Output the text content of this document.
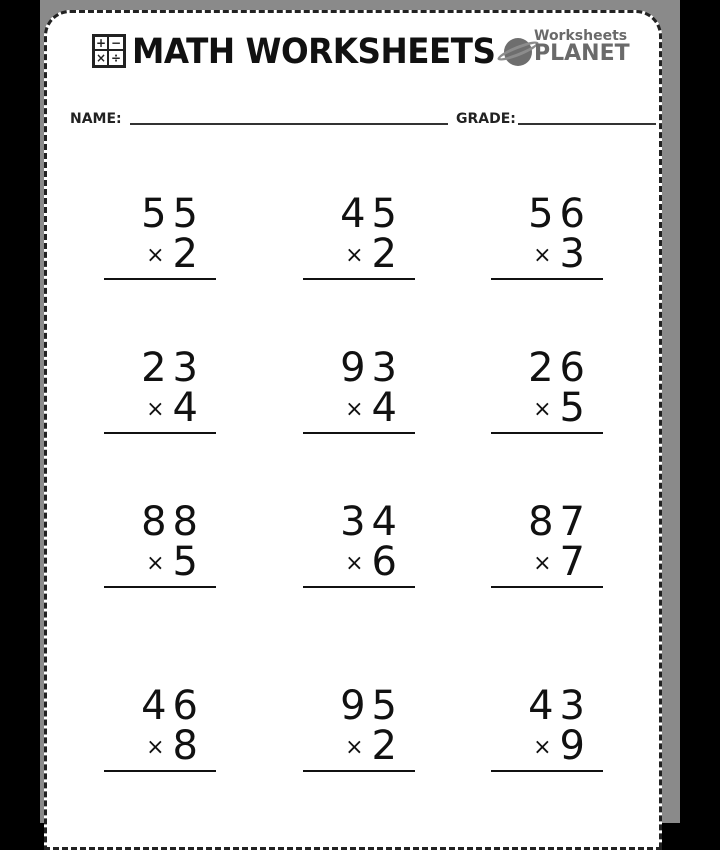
+ −
× ÷ MATH WORKSHEETS	Worksheets
PLANET
NAME:	GRADE:
55
× 2
45
× 2
56
× 3
23
× 4
93
× 4
26
× 5
88
× 5
34
× 6
87
× 7
46
× 8
95
× 2
43
× 9
